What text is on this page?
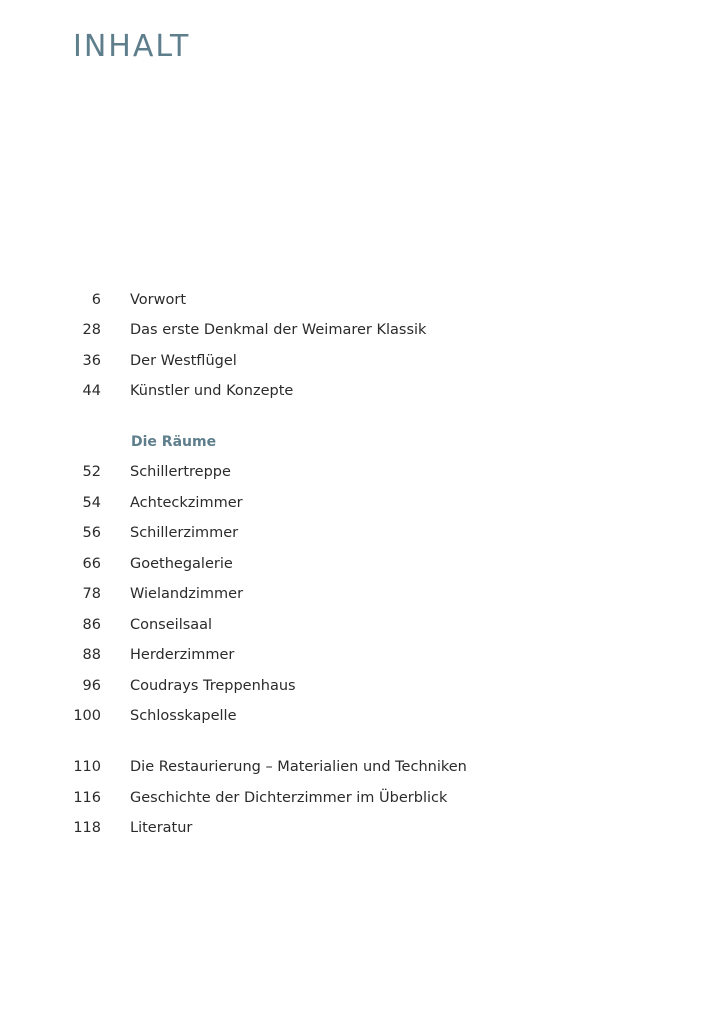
INHALT
6 Vorwort
28 Das erste Denkmal der Weimarer Klassik
36 Der Westflügel
44 Künstler und Konzepte
Die Räume
52 Schillertreppe
54 Achteckzimmer
56 Schillerzimmer
66 Goethegalerie
78 Wielandzimmer
86 Conseilsaal
88 Herderzimmer
96 Coudrays Treppenhaus
100 Schlosskapelle
110 Die Restaurierung – Materialien und Techniken
116 Geschichte der Dichterzimmer im Überblick
118 Literatur
